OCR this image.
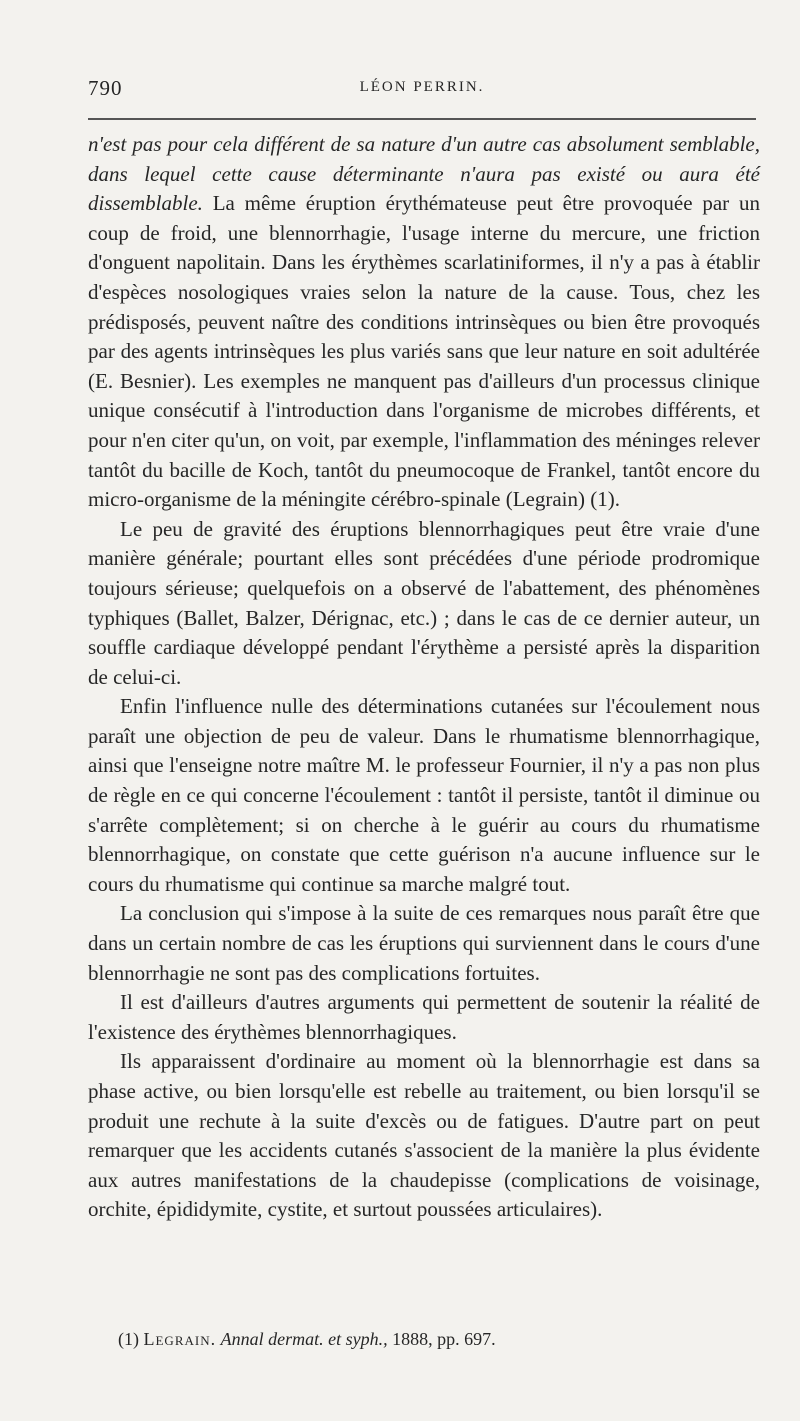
790	LÉON PERRIN.

n'est pas pour cela différent de sa nature d'un autre cas absolument semblable, dans lequel cette cause déterminante n'aura pas existé ou aura été dissemblable. La même éruption érythémateuse peut être provoquée par un coup de froid, une blennorrhagie, l'usage interne du mercure, une friction d'onguent napolitain. Dans les érythèmes scarlatiniformes, il n'y a pas à établir d'espèces nosologiques vraies selon la nature de la cause. Tous, chez les prédisposés, peuvent naître des conditions intrinsèques ou bien être provoqués par des agents intrinsèques les plus variés sans que leur nature en soit adultérée (E. Besnier). Les exemples ne manquent pas d'ailleurs d'un processus clinique unique consécutif à l'introduction dans l'organisme de microbes différents, et pour n'en citer qu'un, on voit, par exemple, l'inflammation des méninges relever tantôt du bacille de Koch, tantôt du pneumocoque de Frankel, tantôt encore du micro-organisme de la méningite cérébro-spinale (Legrain) (1).

Le peu de gravité des éruptions blennorrhagiques peut être vraie d'une manière générale; pourtant elles sont précédées d'une période prodromique toujours sérieuse; quelquefois on a observé de l'abattement, des phénomènes typhiques (Ballet, Balzer, Dérignac, etc.) ; dans le cas de ce dernier auteur, un souffle cardiaque développé pendant l'érythème a persisté après la disparition de celui-ci.

Enfin l'influence nulle des déterminations cutanées sur l'écoulement nous paraît une objection de peu de valeur. Dans le rhumatisme blennorrhagique, ainsi que l'enseigne notre maître M. le professeur Fournier, il n'y a pas non plus de règle en ce qui concerne l'écoulement : tantôt il persiste, tantôt il diminue ou s'arrête complètement; si on cherche à le guérir au cours du rhumatisme blennorrhagique, on constate que cette guérison n'a aucune influence sur le cours du rhumatisme qui continue sa marche malgré tout.

La conclusion qui s'impose à la suite de ces remarques nous paraît être que dans un certain nombre de cas les éruptions qui surviennent dans le cours d'une blennorrhagie ne sont pas des complications fortuites.

Il est d'ailleurs d'autres arguments qui permettent de soutenir la réalité de l'existence des érythèmes blennorrhagiques.

Ils apparaissent d'ordinaire au moment où la blennorrhagie est dans sa phase active, ou bien lorsqu'elle est rebelle au traitement, ou bien lorsqu'il se produit une rechute à la suite d'excès ou de fatigues. D'autre part on peut remarquer que les accidents cutanés s'associent de la manière la plus évidente aux autres manifestations de la chaudepisse (complications de voisinage, orchite, épididymite, cystite, et surtout poussées articulaires).

(1) Legrain. Annal dermat. et syph., 1888, pp. 697.
